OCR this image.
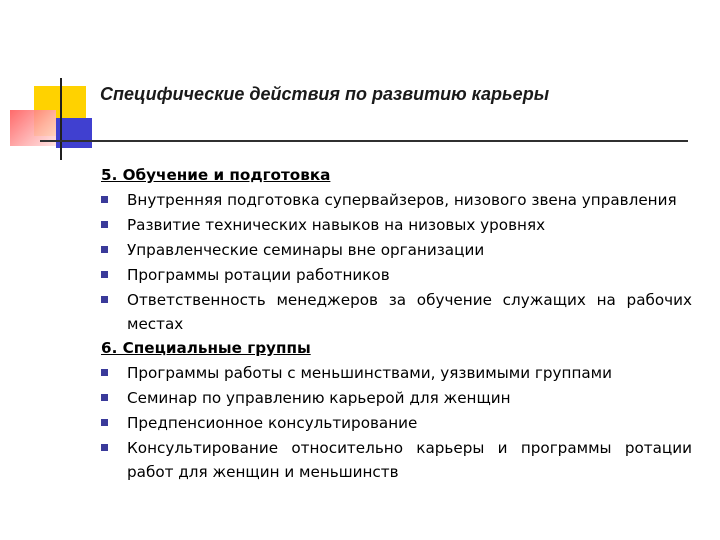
Специфические действия по развитию карьеры
5. Обучение и подготовка
Внутренняя подготовка супервайзеров, низового звена управления
Развитие технических навыков на низовых уровнях
Управленческие семинары вне организации
Программы ротации работников
Ответственность менеджеров за обучение служащих на рабочих местах
6. Специальные группы
Программы работы с меньшинствами, уязвимыми группами
Семинар по управлению карьерой для женщин
Предпенсионное консультирование
Консультирование относительно карьеры и программы ротации работ для женщин и меньшинств
